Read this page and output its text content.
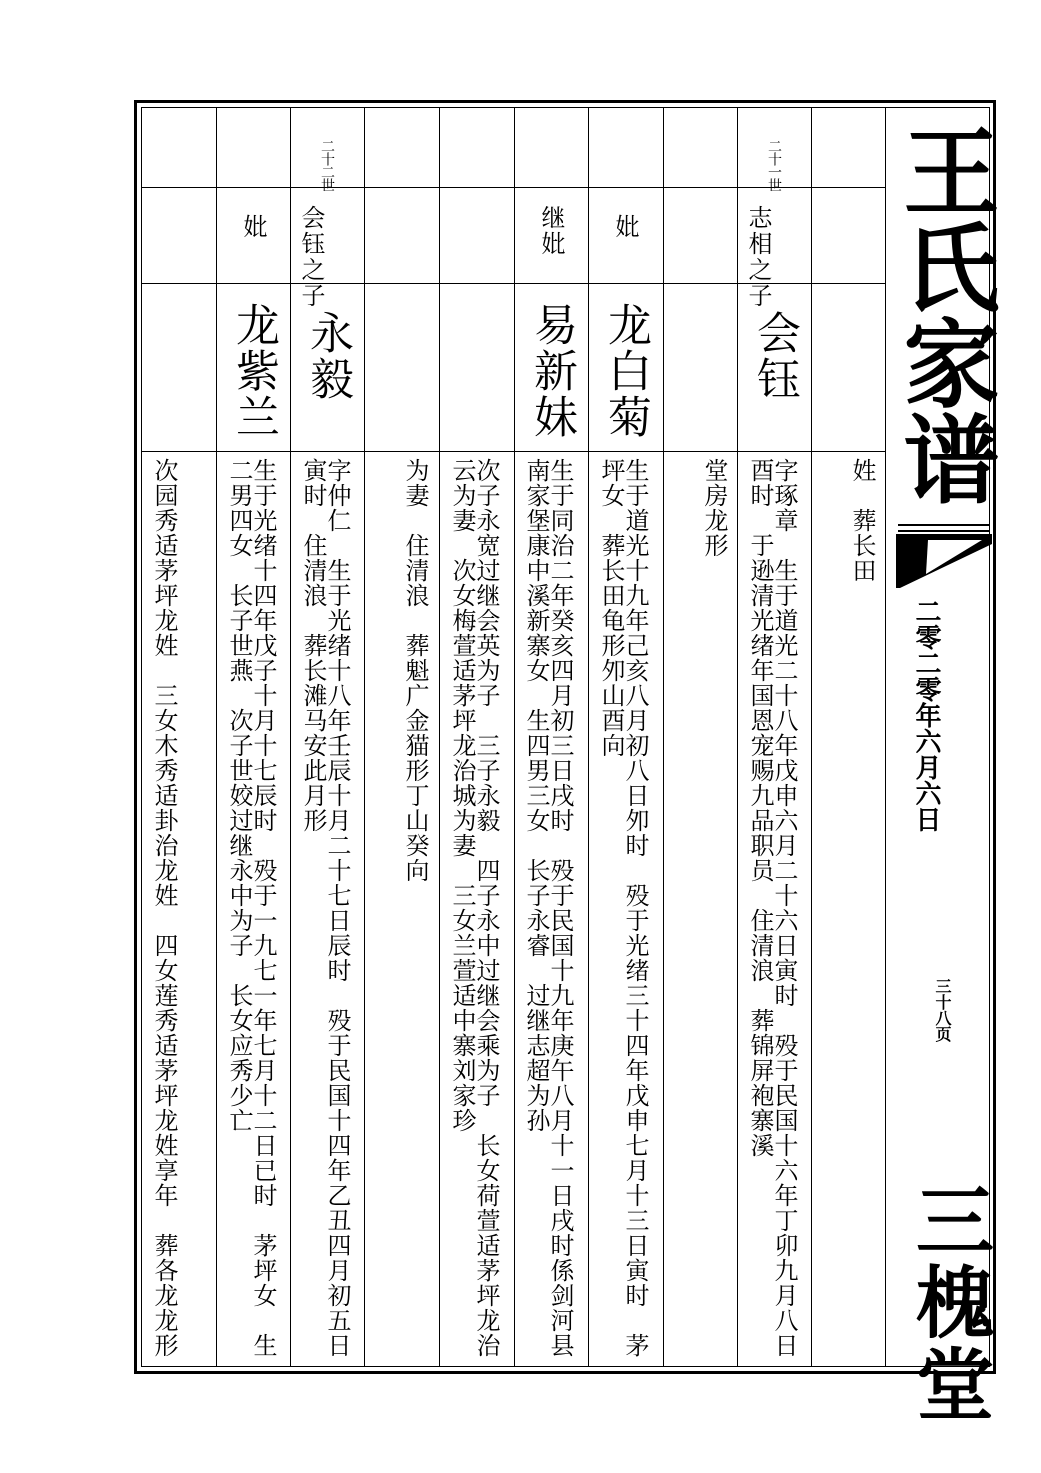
王氏家谱
二零二零年六月六日
三十八页
三槐堂
姓　葬长田
二十一世
志相之子
会钰
字琢章　生于道光二十八年戊申六月二十六日寅时　殁于民国十六年丁卯九月八日酉时　于逊清光绪年国恩宠赐九品职员　住清浪　葬锦屏袍寨溪
堂房龙形
妣
龙白菊
生于道光十九年己亥八月初八日夘时　殁于光绪三十四年戊申七月十三日寅时　茅坪女　葬长田龟形夘山酉向
继妣
易新妹
生于同治二年癸亥四月初三日戌时　殁于民国十九年庚午八月十一日戌时係剑河县南家堡康中溪新寨女　生四男三女　长子永睿　过继志超为孙
次子永宽过继会英为子　三子永毅　四子永中过继会乘为子　长女荷萱适茅坪龙治云为妻　次女梅萱适茅坪龙治城为妻　三女兰萱适中寨刘家珍
为妻　住清浪　葬魁广金猫形丁山癸向
二十二世
会钰之子
永毅
字仲仁　生于光绪十八年壬辰十月二十七日辰时　殁于民国十四年乙丑四月初五日寅时　住清浪　葬长滩马安此月形
妣
龙紫兰
生于光绪十四年戊子十月十七辰时　殁于一九七一年七月十二日已时　茅坪女　生二男四女　长子世燕　次子世姣过继永中为子　长女应秀少亡
次园秀适茅坪龙姓　三女木秀适卦治龙姓　四女莲秀适茅坪龙姓享年　葬各龙龙形
